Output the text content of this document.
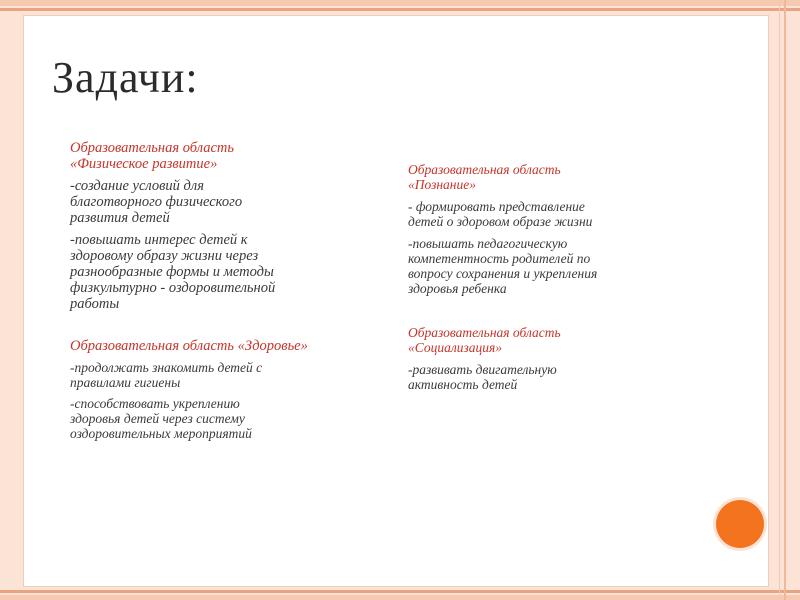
Задачи:
Образовательная область
«Физическое развитие»
-создание условий для
благотворного физического
развития детей
-повышать интерес детей к
здоровому образу жизни через
разнообразные формы и методы
физкультурно - оздоровительной
работы
Образовательная область «Здоровье»
-продолжать знакомить детей с
правилами гигиены
-способствовать укреплению
здоровья детей через систему
оздоровительных мероприятий
Образовательная область
«Познание»
- формировать представление
детей о здоровом образе жизни
-повышать педагогическую
компетентность родителей по
вопросу сохранения и укрепления
здоровья ребенка
Образовательная область
«Социализация»
-развивать двигательную
активность детей
